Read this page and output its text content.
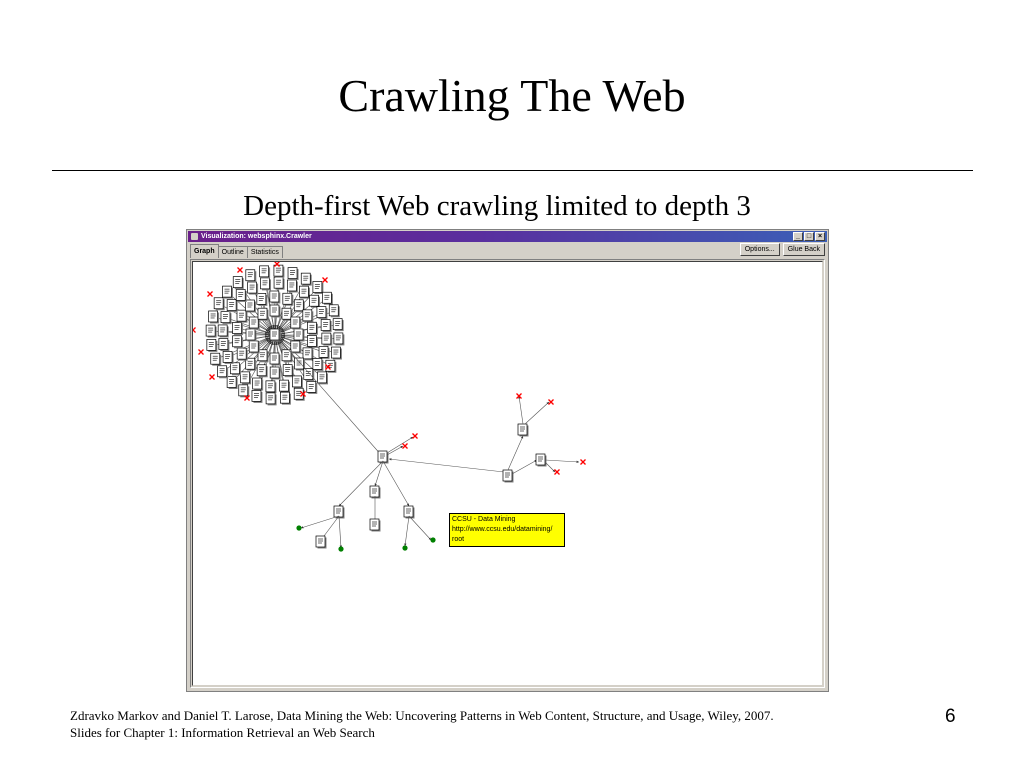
Crawling The Web
Depth-first Web crawling limited to depth 3
Visualization: websphinx.Crawler	_ □ ×
Graph	Outline	Statistics	Options...	Glue Back
CCSU - Data Mining
http://www.ccsu.edu/datamining/
root
Zdravko Markov and Daniel T. Larose, Data Mining the Web: Uncovering Patterns in Web Content, Structure, and Usage, Wiley, 2007.
Slides for Chapter 1: Information Retrieval an Web Search
6
